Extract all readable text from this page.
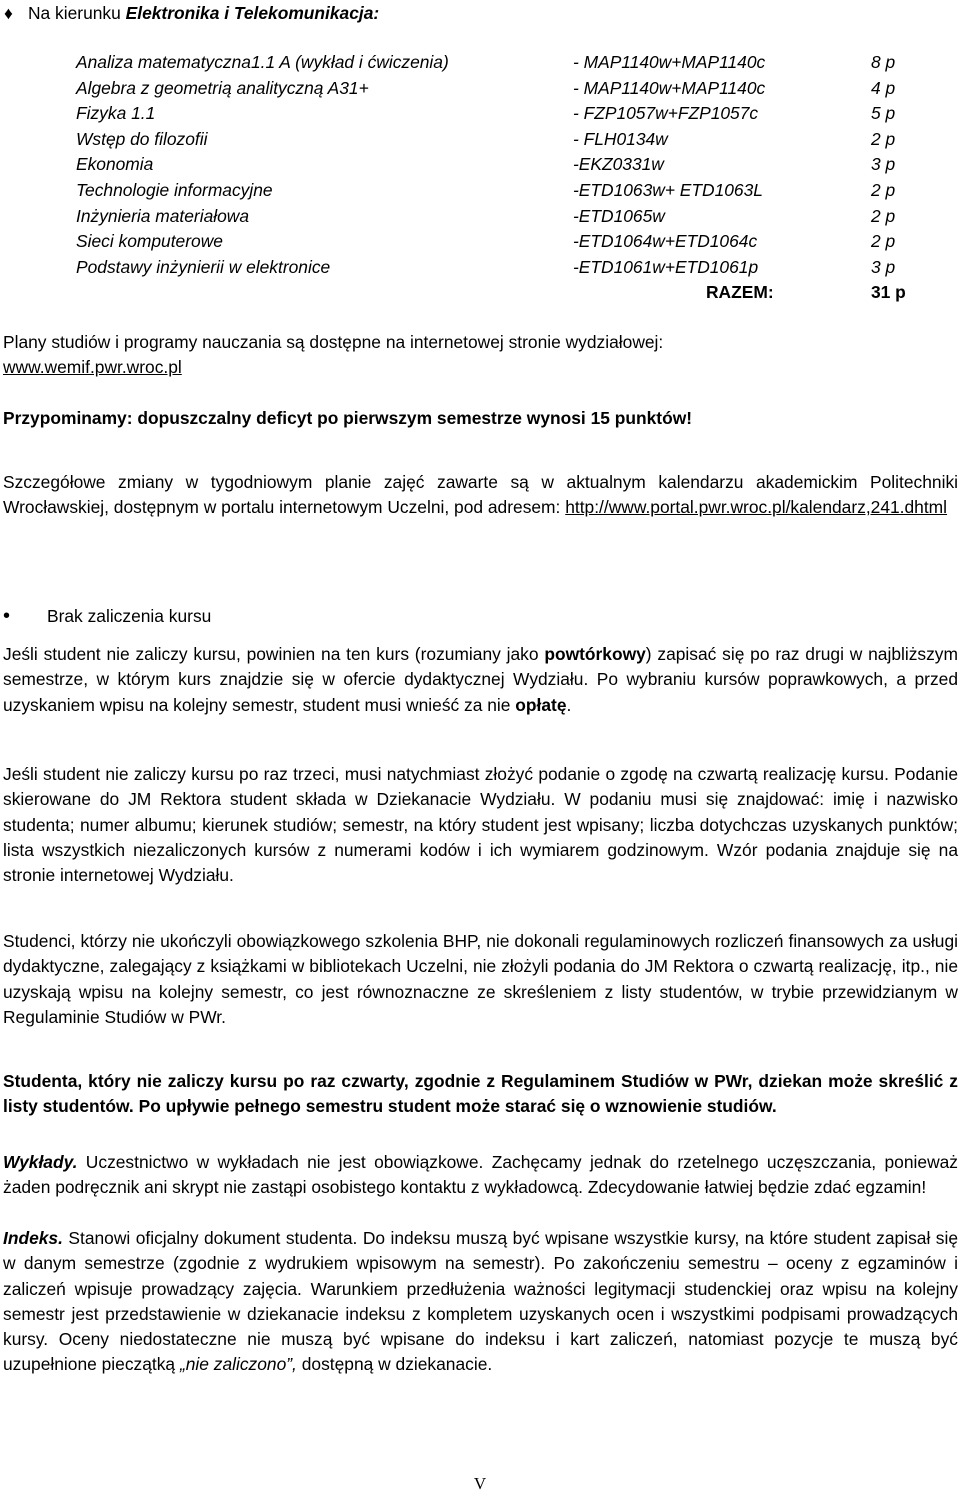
♦ Na kierunku Elektronika i Telekomunikacja:
Analiza matematyczna1.1 A (wykład i ćwiczenia)	- MAP1140w+MAP1140c	8 p
Algebra z geometrią analityczną A31+	- MAP1140w+MAP1140c	4 p
Fizyka 1.1	- FZP1057w+FZP1057c	5 p
Wstęp do filozofii	- FLH0134w	2 p
Ekonomia	-EKZ0331w	3 p
Technologie informacyjne	-ETD1063w+ ETD1063L	2 p
Inżynieria materiałowa	-ETD1065w	2 p
Sieci komputerowe	-ETD1064w+ETD1064c	2 p
Podstawy inżynierii w elektronice	-ETD1061w+ETD1061p	3 p
RAZEM:	31 p
Plany studiów i programy nauczania są dostępne na internetowej stronie wydziałowej:
www.wemif.pwr.wroc.pl
Przypominamy: dopuszczalny deficyt po pierwszym semestrze wynosi 15 punktów!
Szczegółowe zmiany w tygodniowym planie zajęć zawarte są w aktualnym kalendarzu akademickim Politechniki Wrocławskiej, dostępnym w portalu internetowym Uczelni, pod adresem: http://www.portal.pwr.wroc.pl/kalendarz,241.dhtml
• Brak zaliczenia kursu
Jeśli student nie zaliczy kursu, powinien na ten kurs (rozumiany jako powtórkowy) zapisać się po raz drugi w najbliższym semestrze, w którym kurs znajdzie się w ofercie dydaktycznej Wydziału. Po wybraniu kursów poprawkowych, a przed uzyskaniem wpisu na kolejny semestr, student musi wnieść za nie opłatę.
Jeśli student nie zaliczy kursu po raz trzeci, musi natychmiast złożyć podanie o zgodę na czwartą realizację kursu. Podanie skierowane do JM Rektora student składa w Dziekanacie Wydziału. W podaniu musi się znajdować: imię i nazwisko studenta; numer albumu; kierunek studiów; semestr, na który student jest wpisany; liczba dotychczas uzyskanych punktów; lista wszystkich niezaliczonych kursów z numerami kodów i ich wymiarem godzinowym. Wzór podania znajduje się na stronie internetowej Wydziału.
Studenci, którzy nie ukończyli obowiązkowego szkolenia BHP, nie dokonali regulaminowych rozliczeń finansowych za usługi dydaktyczne, zalegający z książkami w bibliotekach Uczelni, nie złożyli podania do JM Rektora o czwartą realizację, itp., nie uzyskają wpisu na kolejny semestr, co jest równoznaczne ze skreśleniem z listy studentów, w trybie przewidzianym w Regulaminie Studiów w PWr.
Studenta, który nie zaliczy kursu po raz czwarty, zgodnie z Regulaminem Studiów w PWr, dziekan może skreślić z listy studentów. Po upływie pełnego semestru student może starać się o wznowienie studiów.
Wykłady. Uczestnictwo w wykładach nie jest obowiązkowe. Zachęcamy jednak do rzetelnego uczęszczania, ponieważ żaden podręcznik ani skrypt nie zastąpi osobistego kontaktu z wykładowcą. Zdecydowanie łatwiej będzie zdać egzamin!
Indeks. Stanowi oficjalny dokument studenta. Do indeksu muszą być wpisane wszystkie kursy, na które student zapisał się w danym semestrze (zgodnie z wydrukiem wpisowym na semestr). Po zakończeniu semestru – oceny z egzaminów i zaliczeń wpisuje prowadzący zajęcia. Warunkiem przedłużenia ważności legitymacji studenckiej oraz wpisu na kolejny semestr jest przedstawienie w dziekanacie indeksu z kompletem uzyskanych ocen i wszystkimi podpisami prowadzących kursy. Oceny niedostateczne nie muszą być wpisane do indeksu i kart zaliczeń, natomiast pozycje te muszą być uzupełnione pieczątką „nie zaliczono”, dostępną w dziekanacie.
V
